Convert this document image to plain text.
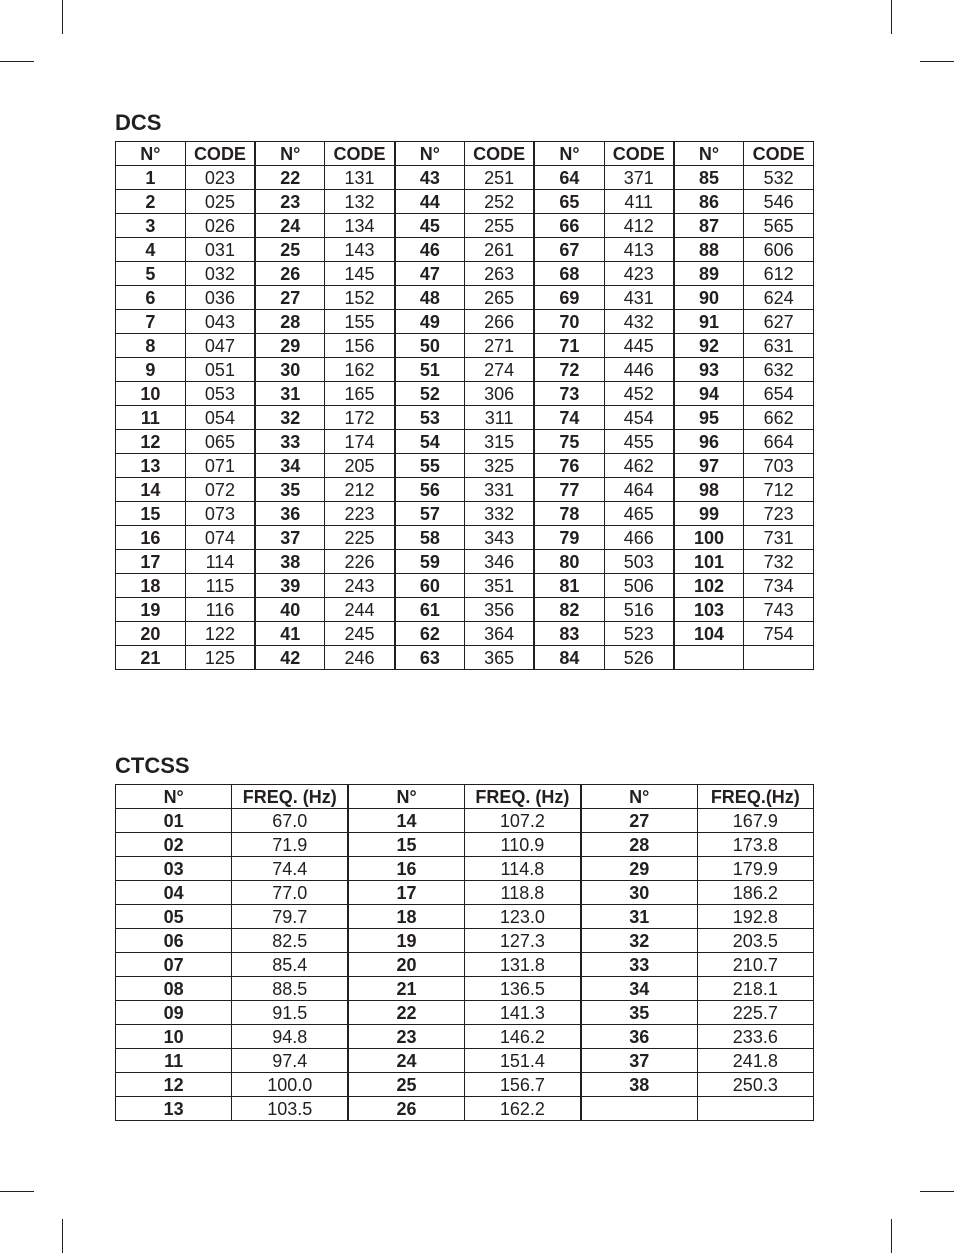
DCS
N°	CODE	N°	CODE	N°	CODE	N°	CODE	N°	CODE
1	023	22	131	43	251	64	371	85	532
2	025	23	132	44	252	65	411	86	546
3	026	24	134	45	255	66	412	87	565
4	031	25	143	46	261	67	413	88	606
5	032	26	145	47	263	68	423	89	612
6	036	27	152	48	265	69	431	90	624
7	043	28	155	49	266	70	432	91	627
8	047	29	156	50	271	71	445	92	631
9	051	30	162	51	274	72	446	93	632
10	053	31	165	52	306	73	452	94	654
11	054	32	172	53	311	74	454	95	662
12	065	33	174	54	315	75	455	96	664
13	071	34	205	55	325	76	462	97	703
14	072	35	212	56	331	77	464	98	712
15	073	36	223	57	332	78	465	99	723
16	074	37	225	58	343	79	466	100	731
17	114	38	226	59	346	80	503	101	732
18	115	39	243	60	351	81	506	102	734
19	116	40	244	61	356	82	516	103	743
20	122	41	245	62	364	83	523	104	754
21	125	42	246	63	365	84	526		
CTCSS
N°	FREQ. (Hz)	N°	FREQ. (Hz)	N°	FREQ.(Hz)
01	67.0	14	107.2	27	167.9
02	71.9	15	110.9	28	173.8
03	74.4	16	114.8	29	179.9
04	77.0	17	118.8	30	186.2
05	79.7	18	123.0	31	192.8
06	82.5	19	127.3	32	203.5
07	85.4	20	131.8	33	210.7
08	88.5	21	136.5	34	218.1
09	91.5	22	141.3	35	225.7
10	94.8	23	146.2	36	233.6
11	97.4	24	151.4	37	241.8
12	100.0	25	156.7	38	250.3
13	103.5	26	162.2		
